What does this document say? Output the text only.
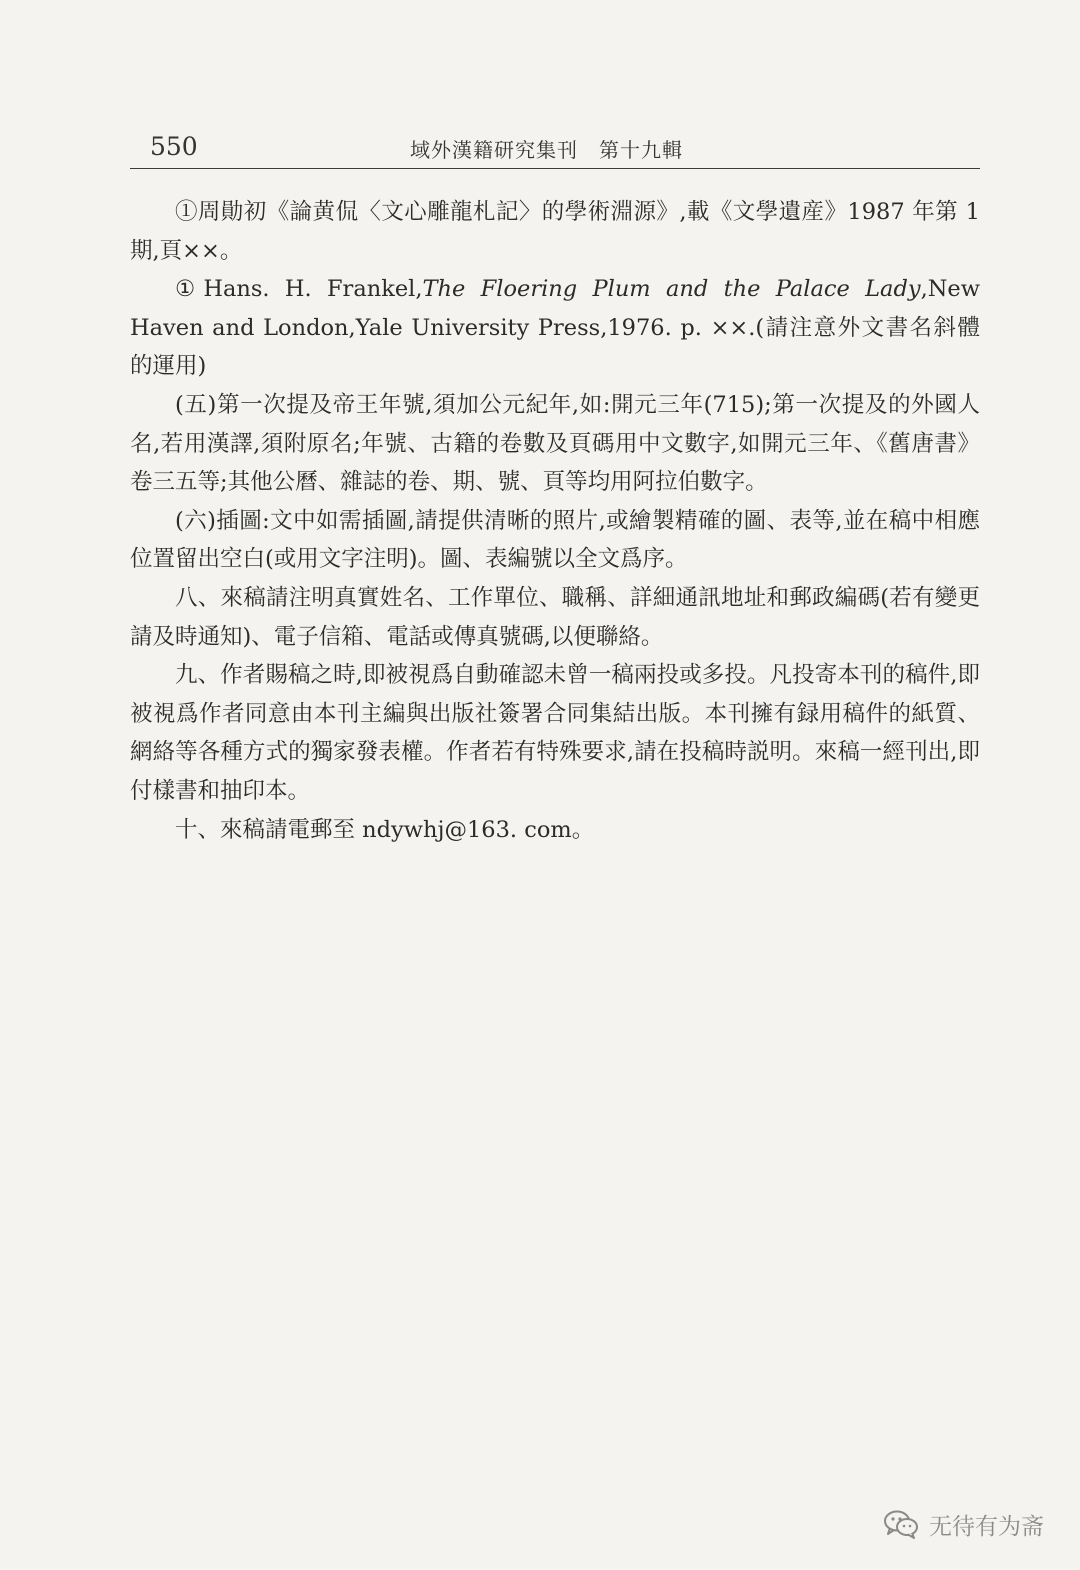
550	域外漢籍研究集刊　第十九輯

①周勛初《論黄侃〈文心雕龍札記〉的學術淵源》,載《文學遺産》1987 年第 1 期,頁××。

①Hans. H. Frankel,The Floering Plum and the Palace Lady,New Haven and London,Yale University Press,1976. p. ××.(請注意外文書名斜體的運用)

(五)第一次提及帝王年號,須加公元紀年,如:開元三年(715);第一次提及的外國人名,若用漢譯,須附原名;年號、古籍的卷數及頁碼用中文數字,如開元三年、《舊唐書》卷三五等;其他公曆、雜誌的卷、期、號、頁等均用阿拉伯數字。

(六)插圖:文中如需插圖,請提供清晰的照片,或繪製精確的圖、表等,並在稿中相應位置留出空白(或用文字注明)。圖、表編號以全文爲序。

八、來稿請注明真實姓名、工作單位、職稱、詳細通訊地址和郵政編碼(若有變更請及時通知)、電子信箱、電話或傳真號碼,以便聯絡。

九、作者賜稿之時,即被視爲自動確認未曾一稿兩投或多投。凡投寄本刊的稿件,即被視爲作者同意由本刊主編與出版社簽署合同集結出版。本刊擁有録用稿件的紙質、網絡等各種方式的獨家發表權。作者若有特殊要求,請在投稿時説明。來稿一經刊出,即付樣書和抽印本。

十、來稿請電郵至 ndywhj@163. com。

无待有为斋
